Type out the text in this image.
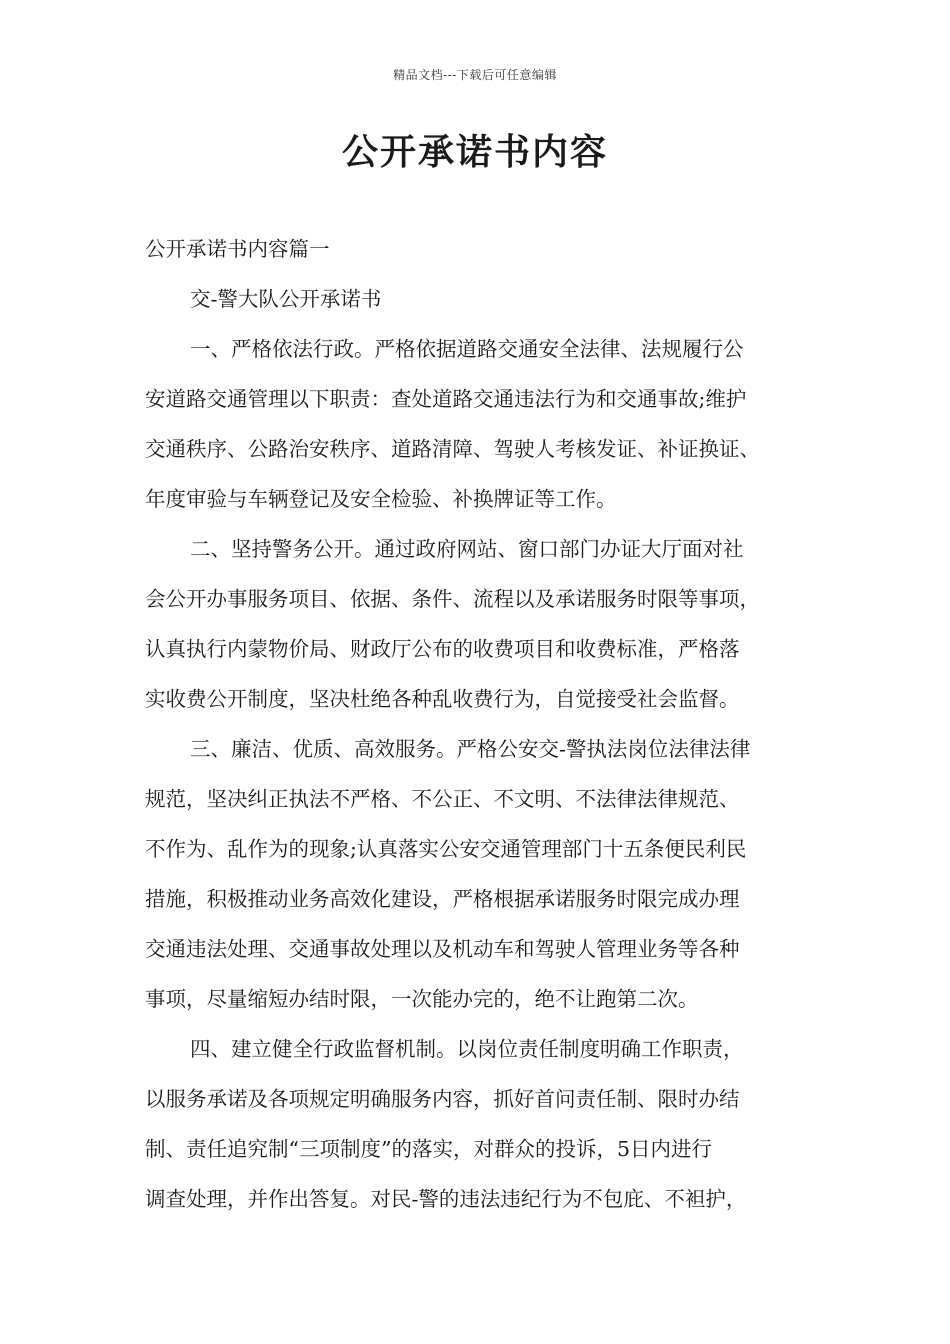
精品文档---下载后可任意编辑
公开承诺书内容

公开承诺书内容篇一

交-警大队公开承诺书

一、严格依法行政。严格依据道路交通安全法律、法规履行公
安道路交通管理以下职责：查处道路交通违法行为和交通事故;维护
交通秩序、公路治安秩序、道路清障、驾驶人考核发证、补证换证、
年度审验与车辆登记及安全检验、补换牌证等工作。

二、坚持警务公开。通过政府网站、窗口部门办证大厅面对社
会公开办事服务项目、依据、条件、流程以及承诺服务时限等事项，
认真执行内蒙物价局、财政厅公布的收费项目和收费标准，严格落
实收费公开制度，坚决杜绝各种乱收费行为，自觉接受社会监督。

三、廉洁、优质、高效服务。严格公安交-警执法岗位法律法律
规范，坚决纠正执法不严格、不公正、不文明、不法律法律规范、
不作为、乱作为的现象;认真落实公安交通管理部门十五条便民利民
措施，积极推动业务高效化建设，严格根据承诺服务时限完成办理
交通违法处理、交通事故处理以及机动车和驾驶人管理业务等各种
事项，尽量缩短办结时限，一次能办完的，绝不让跑第二次。

四、建立健全行政监督机制。以岗位责任制度明确工作职责，
以服务承诺及各项规定明确服务内容，抓好首问责任制、限时办结
制、责任追究制“三项制度”的落实，对群众的投诉，5日内进行
调查处理，并作出答复。对民-警的违法违纪行为不包庇、不袒护，
